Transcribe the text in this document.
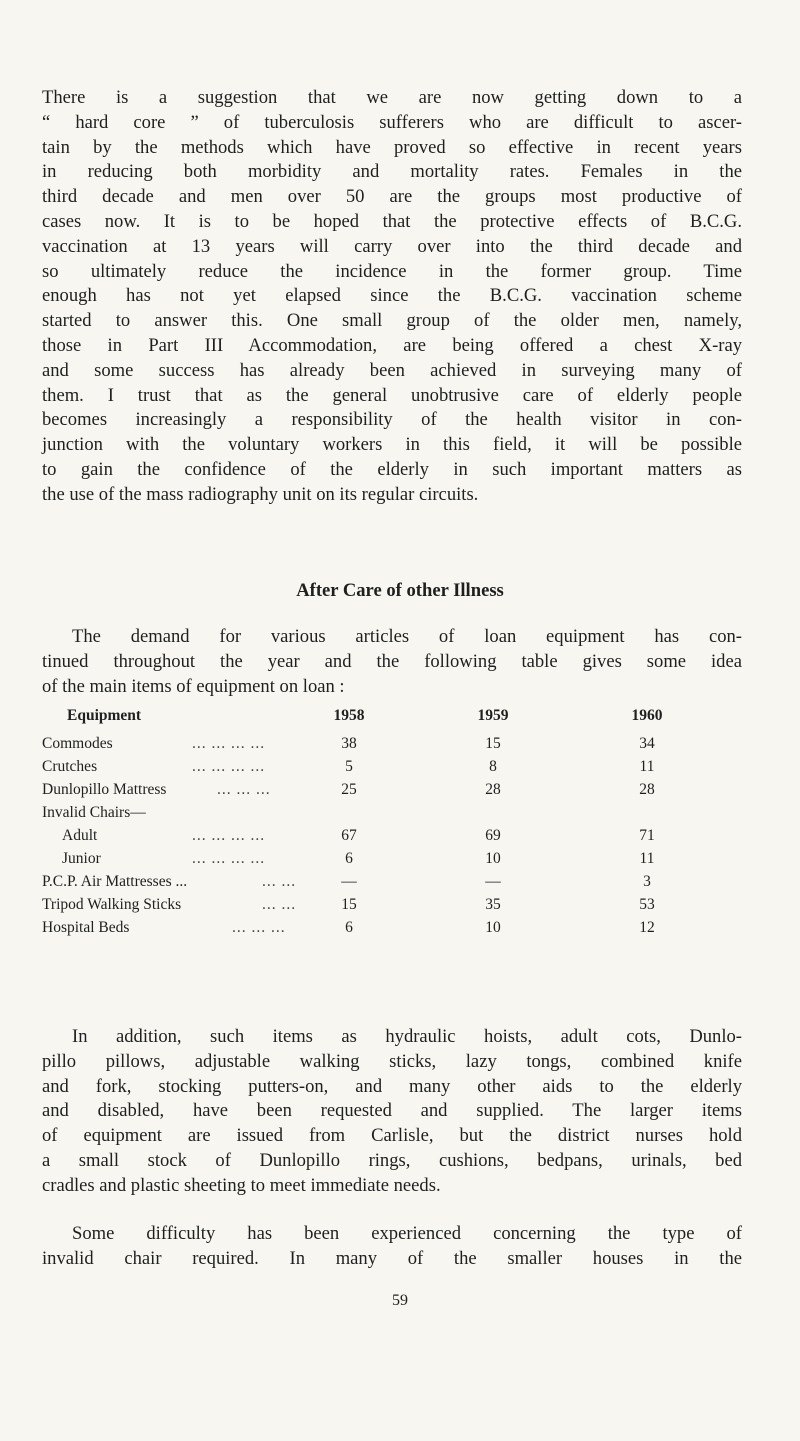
There is a suggestion that we are now getting down to a
“ hard core ” of tuberculosis sufferers who are difficult to ascer-
tain by the methods which have proved so effective in recent years
in reducing both morbidity and mortality rates. Females in the
third decade and men over 50 are the groups most productive of
cases now. It is to be hoped that the protective effects of B.C.G.
vaccination at 13 years will carry over into the third decade and
so ultimately reduce the incidence in the former group. Time
enough has not yet elapsed since the B.C.G. vaccination scheme
started to answer this. One small group of the older men, namely,
those in Part III Accommodation, are being offered a chest X-ray
and some success has already been achieved in surveying many of
them. I trust that as the general unobtrusive care of elderly people
becomes increasingly a responsibility of the health visitor in con-
junction with the voluntary workers in this field, it will be possible
to gain the confidence of the elderly in such important matters as
the use of the mass radiography unit on its regular circuits.
After Care of other Illness
The demand for various articles of loan equipment has con-
tinued throughout the year and the following table gives some idea
of the main items of equipment on loan :
Equipment	1958	1959	1960
Commodes	... ... ... ...	38	15	34
Crutches	... ... ... ...	5	8	11
Dunlopillo Mattress	... ... ...	25	28	28
Invalid Chairs—
Adult	... ... ... ...	67	69	71
Junior	... ... ... ...	6	10	11
P.C.P. Air Mattresses ...	... ...	—	—	3
Tripod Walking Sticks	... ...	15	35	53
Hospital Beds	... ... ...	6	10	12
In addition, such items as hydraulic hoists, adult cots, Dunlo-
pillo pillows, adjustable walking sticks, lazy tongs, combined knife
and fork, stocking putters-on, and many other aids to the elderly
and disabled, have been requested and supplied. The larger items
of equipment are issued from Carlisle, but the district nurses hold
a small stock of Dunlopillo rings, cushions, bedpans, urinals, bed
cradles and plastic sheeting to meet immediate needs.
Some difficulty has been experienced concerning the type of
invalid chair required. In many of the smaller houses in the
59
